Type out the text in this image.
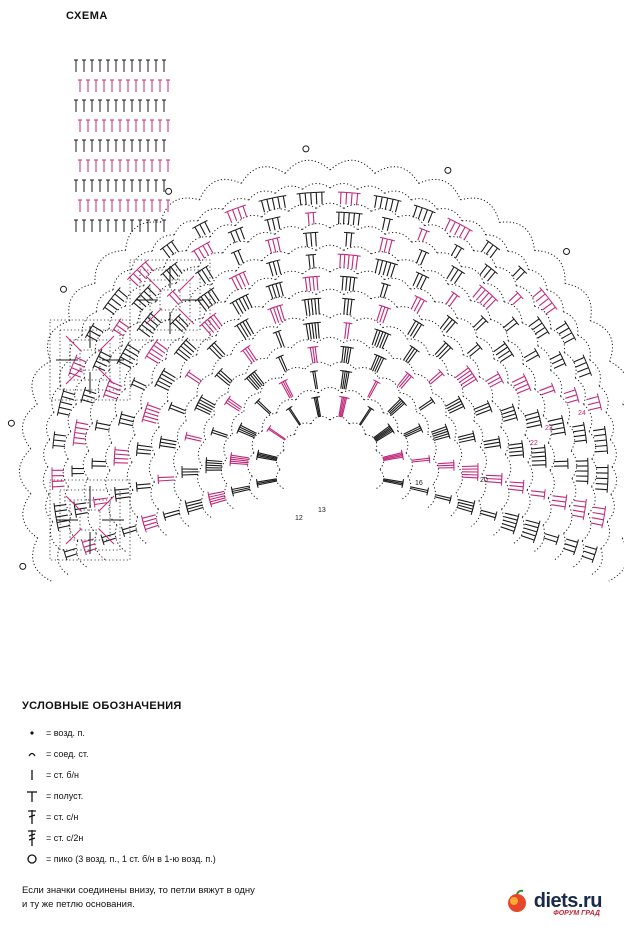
12
13
16	20
22
23
24
СХЕМА
УСЛОВНЫЕ ОБОЗНАЧЕНИЯ
= возд. п.
= соед. ст.
= ст. б/н
= полуст.
= ст. с/н
= ст. с/2н
= пико (3 возд. п., 1 ст. б/н в 1-ю возд. п.)
Если значки соединены внизу, то петли вяжут в одну
и ту же петлю основания.	diets.ru
ФОРУМ ГРАД
